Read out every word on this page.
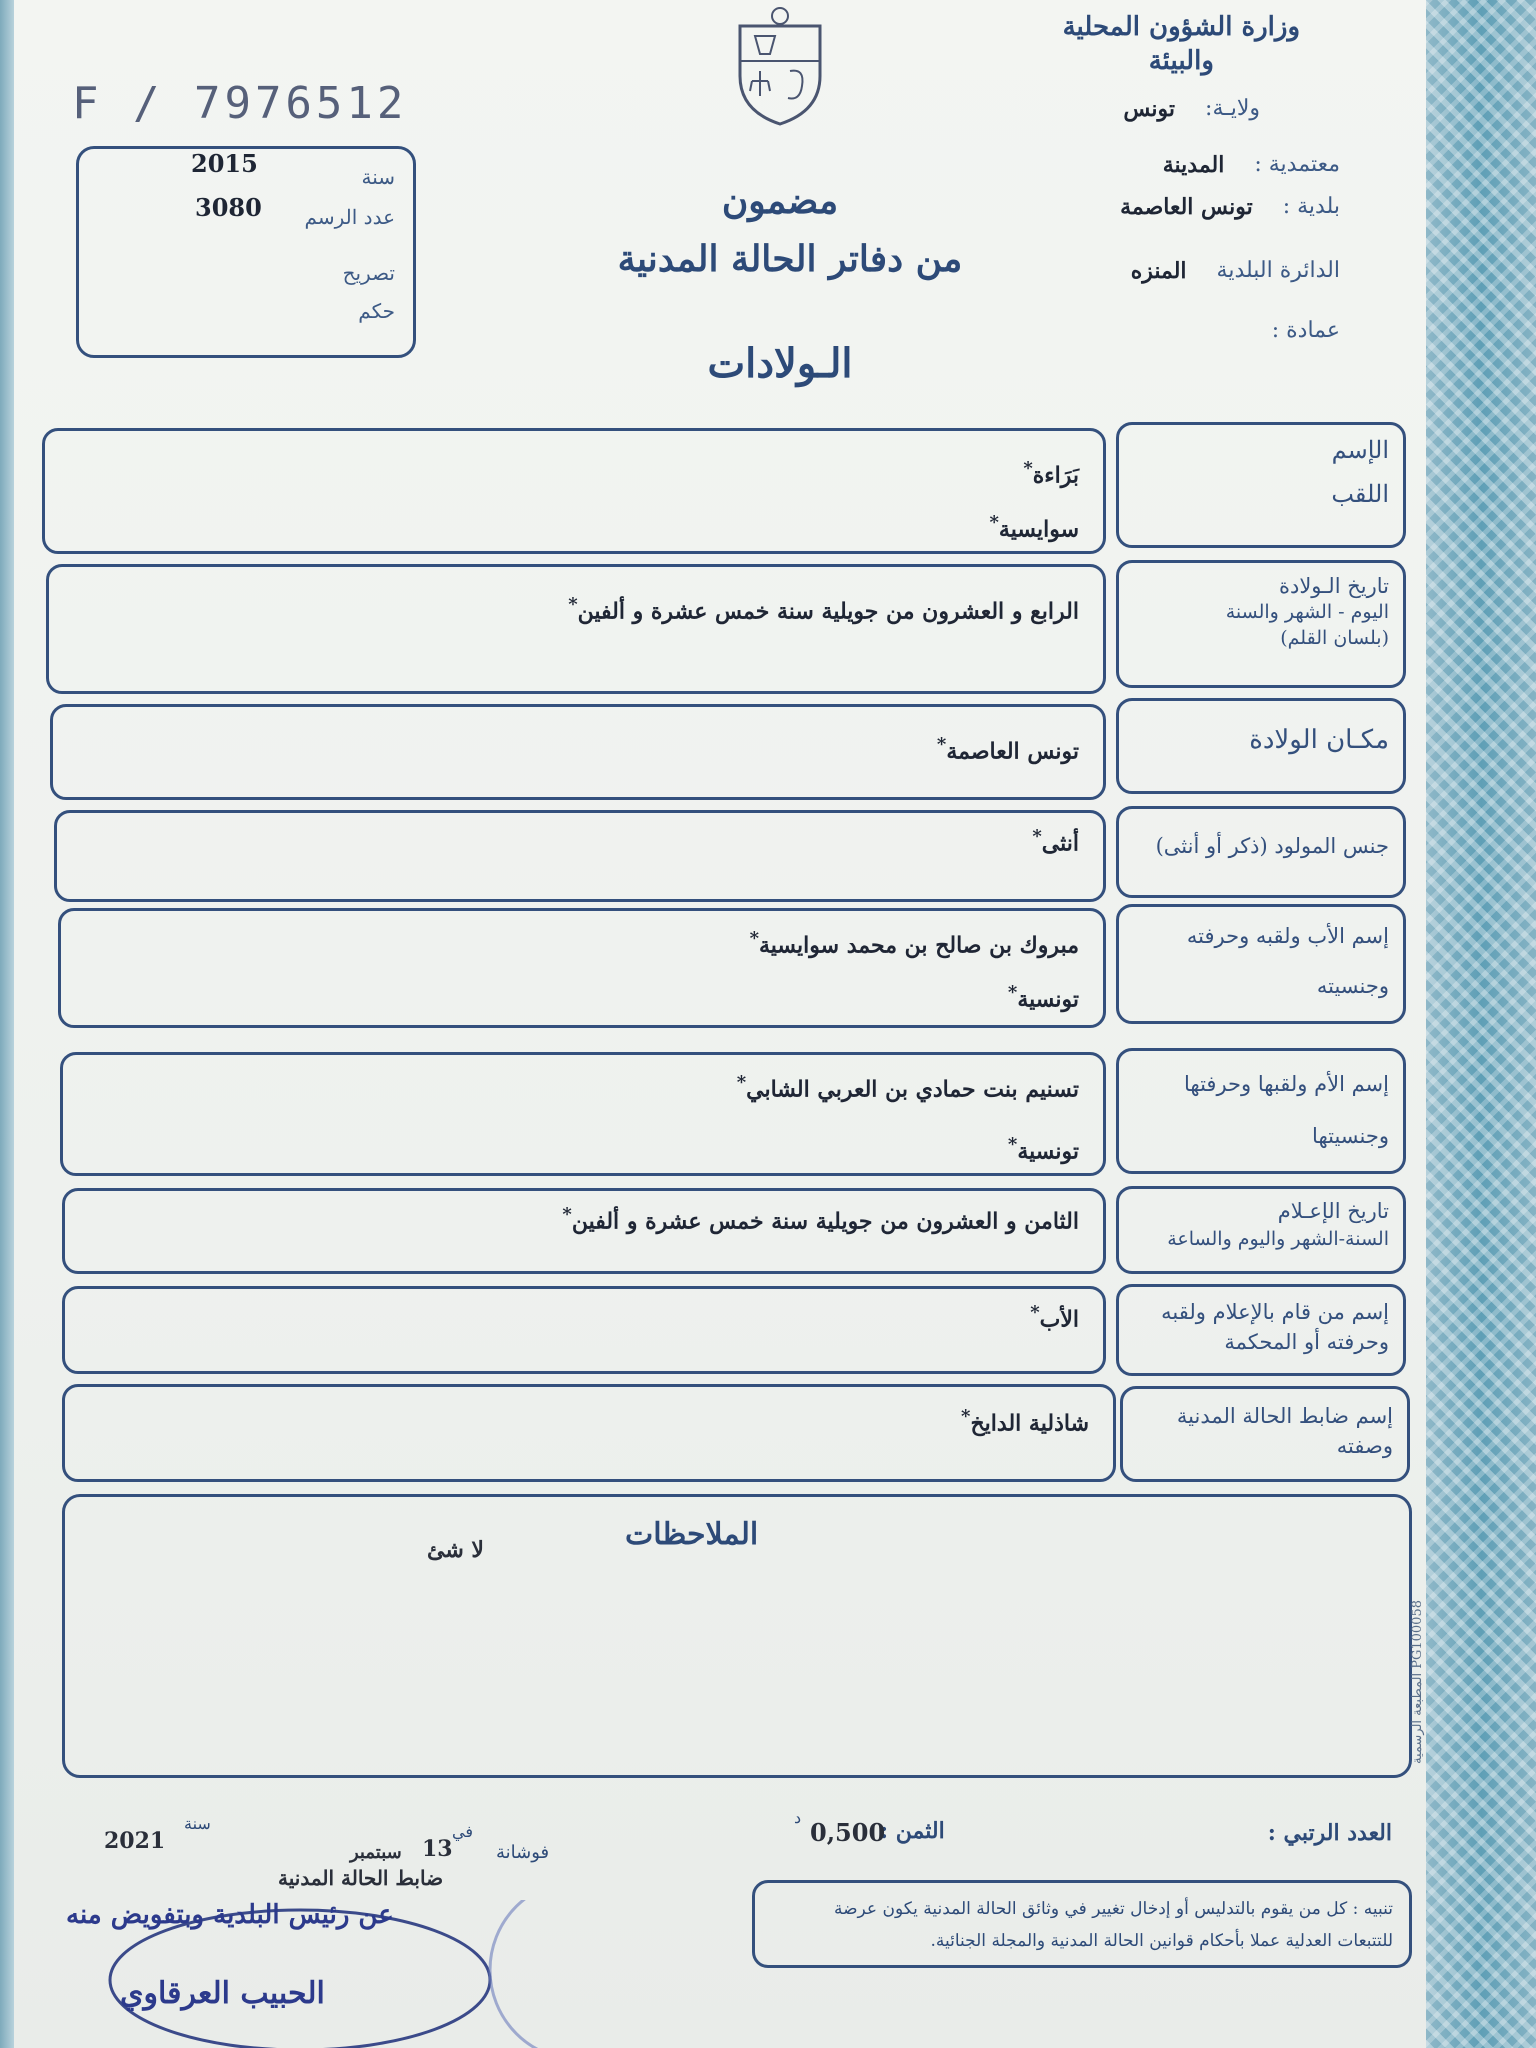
وزارة الشؤون المحلية
والبيئة
ولايـة:
تونس
معتمدية :
المدينة
بلدية :
تونس العاصمة
الدائرة البلدية
المنزه
عمادة :
F / 7976512
سنة
2015
عدد الرسم
3080
تصريح
حكم
مضمون
من دفاتر الحالة المدنية
الـولادات
الإسم
اللقب
بَرَاءة*
سوايسية*
تاريخ الـولادة
اليوم - الشهر والسنة
(بلسان القلم)
الرابع و العشرون من جويلية سنة خمس عشرة و ألفين*
مكـان الولادة
تونس العاصمة*
جنس المولود (ذكر أو أنثى)
أنثى*
إسم الأب ولقبه وحرفته
وجنسيته
مبروك بن صالح بن محمد سوايسية*
تونسية*
إسم الأم ولقبها وحرفتها
وجنسيتها
تسنيم بنت حمادي بن العربي الشابي*
تونسية*
تاريخ الإعـلام
السنة-الشهر واليوم والساعة
الثامن و العشرون من جويلية سنة خمس عشرة و ألفين*
إسم من قام بالإعلام ولقبه
وحرفته أو المحكمة
الأب*
إسم ضابط الحالة المدنية
وصفته
شاذلية الدايخ*
الملاحظات
لا شئ
المطبعة الرسمية PG100058
العدد الرتبي :
الثمن :
0,500
د
فوشانة
في
13
سبتمبر
سنة
2021
ضابط الحالة المدنية
عن رئيس البلدية وبتفويض منه
الحبيب العرقاوي
تنبيه : كل من يقوم بالتدليس أو إدخال تغيير في وثائق الحالة المدنية يكون عرضة
للتتبعات العدلية عملا بأحكام قوانين الحالة المدنية والمجلة الجنائية.
